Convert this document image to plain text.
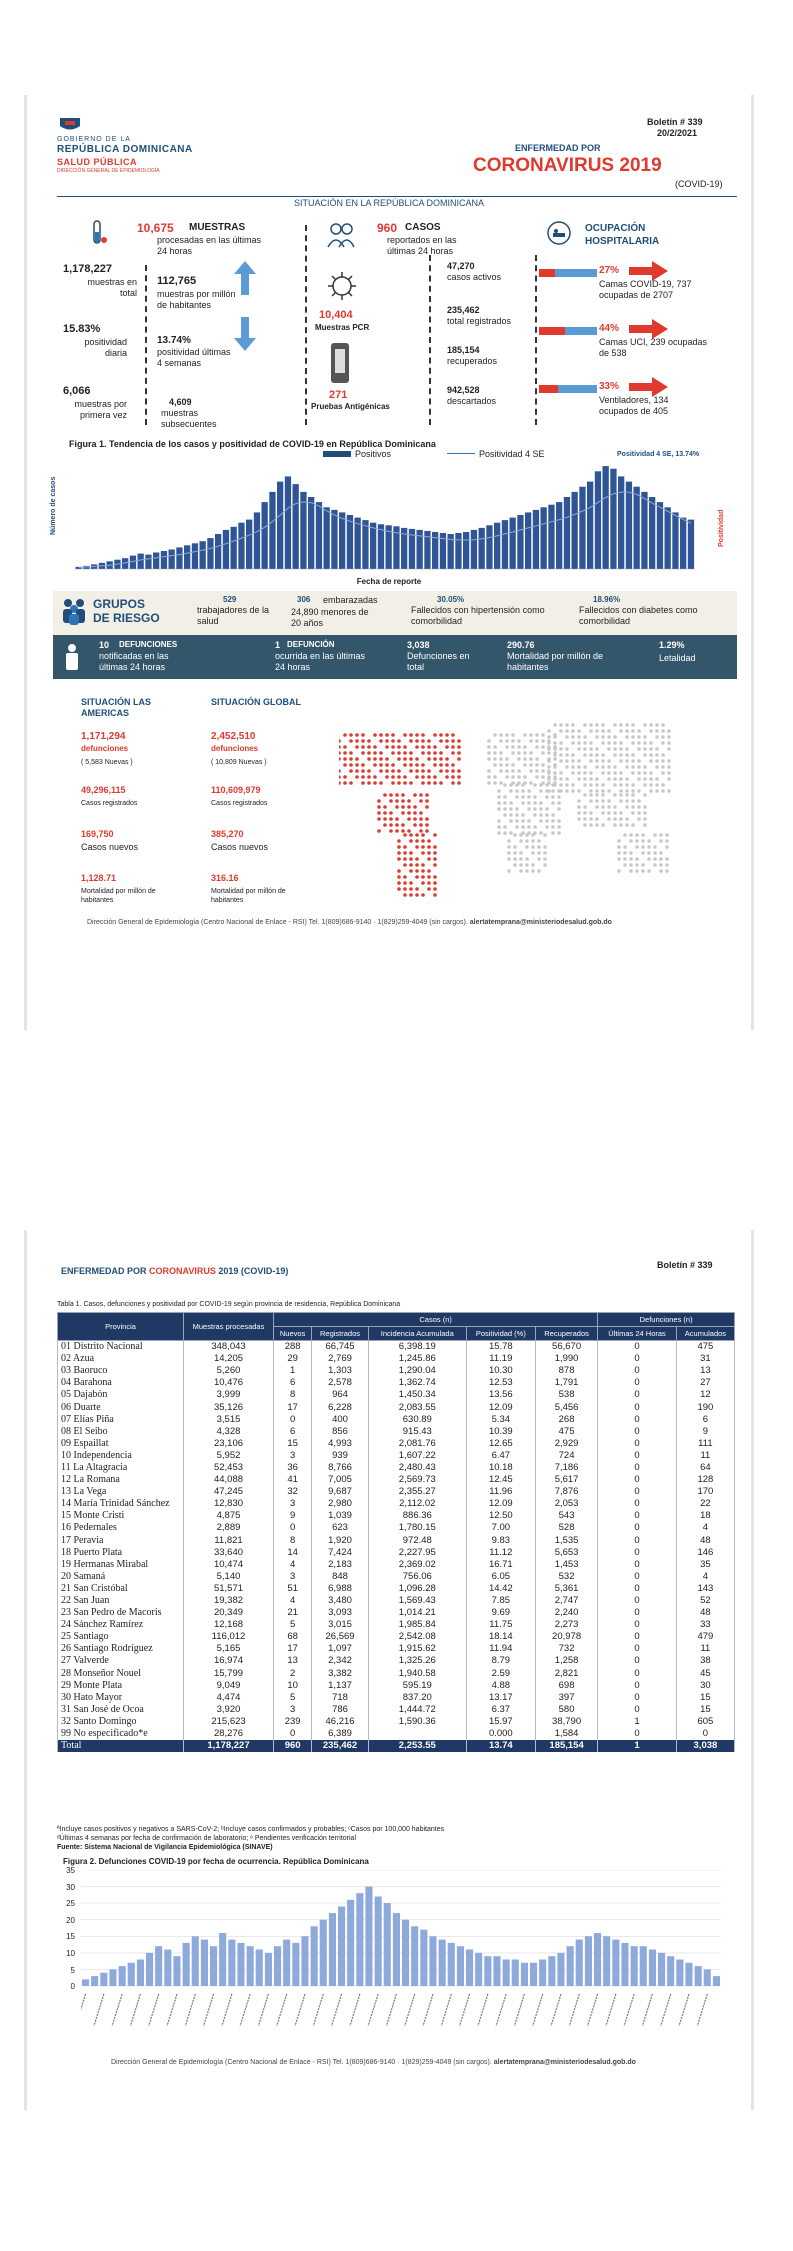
GOBIERNO DE LA
REPÚBLICA DOMINICANA
SALUD PÚBLICA
DIRECCIÓN GENERAL DE EPIDEMIOLOGÍA
Boletín # 339
20/2/2021
ENFERMEDAD POR
CORONAVIRUS 2019
(COVID-19)
SITUACIÓN EN LA REPÚBLICA DOMINICANA
10,675 MUESTRAS
procesadas en las últimas 24 horas
1,178,227
muestras en total
112,765
muestras por millón de habitantes
15.83%
positividad diaria
13.74%
positividad últimas 4 semanas
6,066
muestras por primera vez
4,609
muestras subsecuentes
960 CASOS
reportados en las últimas 24 horas
10,404
Muestras PCR
271
Pruebas Antigénicas
47,270
casos activos
235,462
total registrados
185,154
recuperados
942,528
descartados
OCUPACIÓN HOSPITALARIA
27%
Camas COVID-19, 737 ocupadas de 2707
44%
Camas UCI, 239 ocupadas de 538
33%
Ventiladores, 134 ocupados de 405
Figura 1. Tendencia de los casos y positividad de COVID-19 en República Dominicana
Positivos	Positividad 4 SE	Positividad 4 SE, 13.74%
Número de casos	Positividad
Fecha de reporte
GRUPOS DE RIESGO
529
trabajadores de la salud
306 embarazadas
24,890 menores de 20 años
30.05%
Fallecidos con hipertensión como comorbilidad
18.96%
Fallecidos con diabetes como comorbilidad
10 DEFUNCIONES
notificadas en las últimas 24 horas
1 DEFUNCIÓN
ocurrida en las últimas 24 horas
3,038
Defunciones en total
290.76
Mortalidad por millón de habitantes
1.29%
Letalidad
SITUACIÓN LAS AMERICAS
SITUACIÓN GLOBAL
1,171,294
defunciones
( 5,583 Nuevas )
2,452,510
defunciones
( 10,809 Nuevas )
49,296,115
Casos registrados
110,609,979
Casos registrados
169,750
Casos nuevos
385,270
Casos nuevos
1,128.71
Mortalidad por millón de habitantes
316.16
Mortalidad por millón de habitantes
Dirección General de Epidemiología (Centro Nacional de Enlace - RSI) Tel. 1(809)686-9140 · 1(829)259-4049 (sin cargos). alertatemprana@ministeriodesalud.gob.do
ENFERMEDAD POR CORONAVIRUS 2019 (COVID-19)
Boletín # 339
Tabla 1. Casos, defunciones y positividad por COVID-19 según provincia de residencia, República Dominicana
Provincia	Muestras procesadas	Casos (n)					Defunciones (n)	
		Nuevos	Registrados	Incidencia Acumulada	Positividad (%)	Recuperados	Últimas 24 Horas	Acumulados
01 Distrito Nacional	348,043	288	66,745	6,398.19	15.78	56,670	0	475
02 Azua	14,205	29	2,769	1,245.86	11.19	1,990	0	31
03 Baoruco	5,260	1	1,303	1,290.04	10.30	878	0	13
04 Barahona	10,476	6	2,578	1,362.74	12.53	1,791	0	27
05 Dajabón	3,999	8	964	1,450.34	13.56	538	0	12
06 Duarte	35,126	17	6,228	2,083.55	12.09	5,456	0	190
07 Elías Piña	3,515	0	400	630.89	5.34	268	0	6
08 El Seibo	4,328	6	856	915.43	10.39	475	0	9
09 Espaillat	23,106	15	4,993	2,081.76	12.65	2,929	0	111
10 Independencia	5,952	3	939	1,607.22	6.47	724	0	11
11 La Altagracia	52,453	36	8,766	2,480.43	10.18	7,186	0	64
12 La Romana	44,088	41	7,005	2,569.73	12.45	5,617	0	128
13 La Vega	47,245	32	9,687	2,355.27	11.96	7,876	0	170
14 María Trinidad Sánchez	12,830	3	2,980	2,112.02	12.09	2,053	0	22
15 Monte Cristi	4,875	9	1,039	886.36	12.50	543	0	18
16 Pedernales	2,889	0	623	1,780.15	7.00	528	0	4
17 Peravia	11,821	8	1,920	972.48	9.83	1,535	0	48
18 Puerto Plata	33,640	14	7,424	2,227.95	11.12	5,653	0	146
19 Hermanas Mirabal	10,474	4	2,183	2,369.02	16.71	1,453	0	35
20 Samaná	5,140	3	848	756.06	6.05	532	0	4
21 San Cristóbal	51,571	51	6,988	1,096.28	14.42	5,361	0	143
22 San Juan	19,382	4	3,480	1,569.43	7.85	2,747	0	52
23 San Pedro de Macorís	20,349	21	3,093	1,014.21	9.69	2,240	0	48
24 Sánchez Ramírez	12,168	5	3,015	1,985.84	11.75	2,273	0	33
25 Santiago	116,012	68	26,569	2,542.08	18.14	20,978	0	479
26 Santiago Rodríguez	5,165	17	1,097	1,915.62	11.94	732	0	11
27 Valverde	16,974	13	2,342	1,325.26	8.79	1,258	0	38
28 Monseñor Nouel	15,799	2	3,382	1,940.58	2.59	2,821	0	45
29 Monte Plata	9,049	10	1,137	595.19	4.88	698	0	30
30 Hato Mayor	4,474	5	718	837.20	13.17	397	0	15
31 San José de Ocoa	3,920	3	786	1,444.72	6.37	580	0	15
32 Santo Domingo	215,623	239	46,216	1,590.36	15.97	38,790	1	605
99 No especificado*e	28,276	0	6,389		0.000	1,584	0	0
Total	1,178,227	960	235,462	2,253.55	13.74	185,154	1	3,038
ªIncluye casos positivos y negativos a SARS-CoV-2; ᵇIncluye casos confirmados y probables; ᶜCasos por 100,000 habitantes
ᵈÚltimas 4 semanas por fecha de confirmación de laboratorio; ᵉ Pendientes verificación territorial
Fuente: Sistema Nacional de Vigilancia Epidemiológica (SINAVE)
Figura 2. Defunciones COVID-19 por fecha de ocurrencia. República Dominicana
35
30
25
20
15
10
5
0
Dirección General de Epidemiología (Centro Nacional de Enlace - RSI) Tel. 1(809)686-9140 · 1(829)259-4049 (sin cargos). alertatemprana@ministeriodesalud.gob.do
